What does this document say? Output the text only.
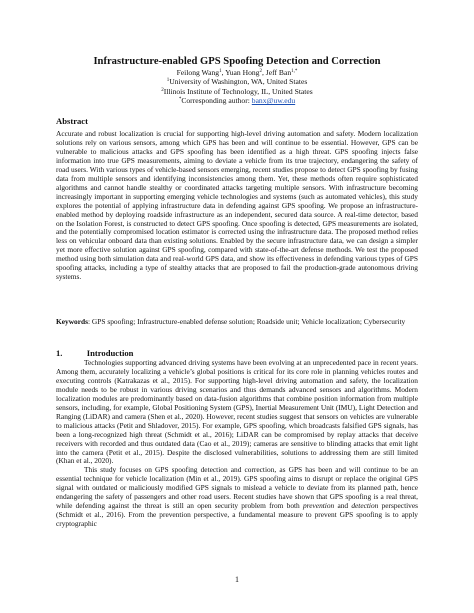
Infrastructure-enabled GPS Spoofing Detection and Correction
Feilong Wang$^1$, Yuan Hong$^2$, Jeff Ban$^{1,*}$
$^1$University of Washington, WA, United States
$^2$Illinois Institute of Technology, IL, United States
*Corresponding author: banx@uw.edu
Abstract

Accurate and robust localization is crucial for supporting high-level driving automation and safety. Modern localization solutions rely on various sensors, among which GPS has been and will continue to be essential. However, GPS can be vulnerable to malicious attacks and GPS spoofing has been identified as a high threat. GPS spoofing injects false information into true GPS measurements, aiming to deviate a vehicle from its true trajectory, endangering the safety of road users. With various types of vehicle-based sensors emerging, recent studies propose to detect GPS spoofing by fusing data from multiple sensors and identifying inconsistencies among them. Yet, these methods often require sophisticated algorithms and cannot handle stealthy or coordinated attacks targeting multiple sensors. With infrastructure becoming increasingly important in supporting emerging vehicle technologies and systems (such as automated vehicles), this study explores the potential of applying infrastructure data in defending against GPS spoofing. We propose an infrastructure-enabled method by deploying roadside infrastructure as an independent, secured data source. A real-time detector, based on the Isolation Forest, is constructed to detect GPS spoofing. Once spoofing is detected, GPS measurements are isolated, and the potentially compromised location estimator is corrected using the infrastructure data. The proposed method relies less on vehicular onboard data than existing solutions. Enabled by the secure infrastructure data, we can design a simpler yet more effective solution against GPS spoofing, compared with state-of-the-art defense methods. We test the proposed method using both simulation data and real-world GPS data, and show its effectiveness in defending various types of GPS spoofing attacks, including a type of stealthy attacks that are proposed to fail the production-grade autonomous driving systems.

Keywords: GPS spoofing; Infrastructure-enabled defense solution; Roadside unit; Vehicle localization; Cybersecurity
1.	Introduction

Technologies supporting advanced driving systems have been evolving at an unprecedented pace in recent years. Among them, accurately localizing a vehicle’s global positions is critical for its core role in planning vehicles routes and executing controls (Katrakazas et al., 2015). For supporting high-level driving automation and safety, the localization module needs to be robust in various driving scenarios and thus demands advanced sensors and algorithms. Modern localization modules are predominantly based on data-fusion algorithms that combine position information from multiple sensors, including, for example, Global Positioning System (GPS), Inertial Measurement Unit (IMU), Light Detection and Ranging (LiDAR) and camera (Shen et al., 2020). However, recent studies suggest that sensors on vehicles are vulnerable to malicious attacks (Petit and Shladover, 2015). For example, GPS spoofing, which broadcasts falsified GPS signals, has been a long-recognized high threat (Schmidt et al., 2016); LiDAR can be compromised by replay attacks that deceive receivers with recorded and thus outdated data (Cao et al., 2019); cameras are sensitive to blinding attacks that emit light into the camera (Petit et al., 2015). Despite the disclosed vulnerabilities, solutions to addressing them are still limited (Khan et al., 2020).

This study focuses on GPS spoofing detection and correction, as GPS has been and will continue to be an essential technique for vehicle localization (Min et al., 2019). GPS spoofing aims to disrupt or replace the original GPS signal with outdated or maliciously modified GPS signals to mislead a vehicle to deviate from its planned path, hence endangering the safety of passengers and other road users. Recent studies have shown that GPS spoofing is a real threat, while defending against the threat is still an open security problem from both prevention and detection perspectives (Schmidt et al., 2016). From the prevention perspective, a fundamental measure to prevent GPS spoofing is to apply cryptographic

1
